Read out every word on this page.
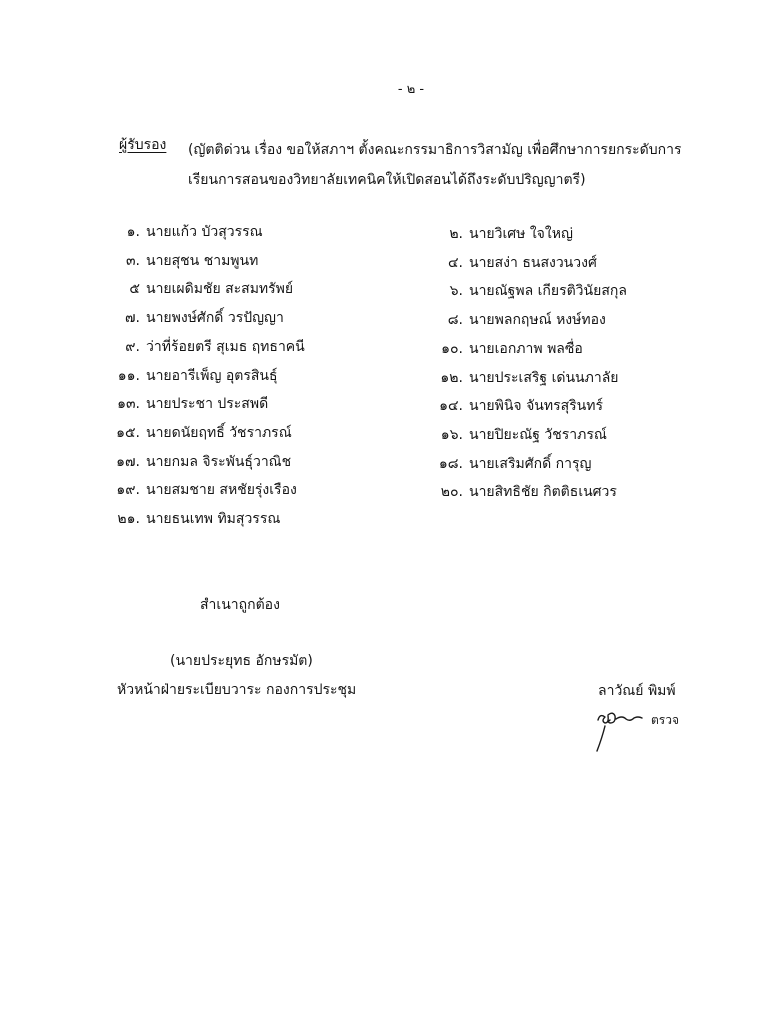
- ๒ -
ผู้รับรอง (ญัตติด่วน เรื่อง ขอให้สภาฯ ตั้งคณะกรรมาธิการวิสามัญ เพื่อศึกษาการยกระดับการ
เรียนการสอนของวิทยาลัยเทคนิคให้เปิดสอนได้ถึงระดับปริญญาตรี)
๑. นายแก้ว บัวสุวรรณ	๒. นายวิเศษ ใจใหญ่
๓. นายสุชน ชามพูนท	๔. นายสง่า ธนสงวนวงศ์
๕ นายเผดิมชัย สะสมทรัพย์	๖. นายณัฐพล เกียรติวินัยสกุล
๗. นายพงษ์ศักดิ์ วรปัญญา	๘. นายพลกฤษณ์ หงษ์ทอง
๙. ว่าที่ร้อยตรี สุเมธ ฤทธาคนี	๑๐. นายเอกภาพ พลซื่อ
๑๑. นายอารีเพ็ญ อุตรสินธุ์	๑๒. นายประเสริฐ เด่นนภาลัย
๑๓. นายประชา ประสพดี	๑๔. นายพินิจ จันทรสุรินทร์
๑๕. นายดนัยฤทธิ์ วัชราภรณ์	๑๖. นายปิยะณัฐ วัชราภรณ์
๑๗. นายกมล จิระพันธุ์วาณิช	๑๘. นายเสริมศักดิ์ การุญ
๑๙. นายสมชาย สหชัยรุ่งเรือง	๒๐. นายสิทธิชัย กิตติธเนศวร
๒๑. นายธนเทพ ทิมสุวรรณ
สำเนาถูกต้อง
(นายประยุทธ อักษรมัต)
หัวหน้าฝ่ายระเบียบวาระ กองการประชุม	ลาวัณย์ พิมพ์
ตรวจ
